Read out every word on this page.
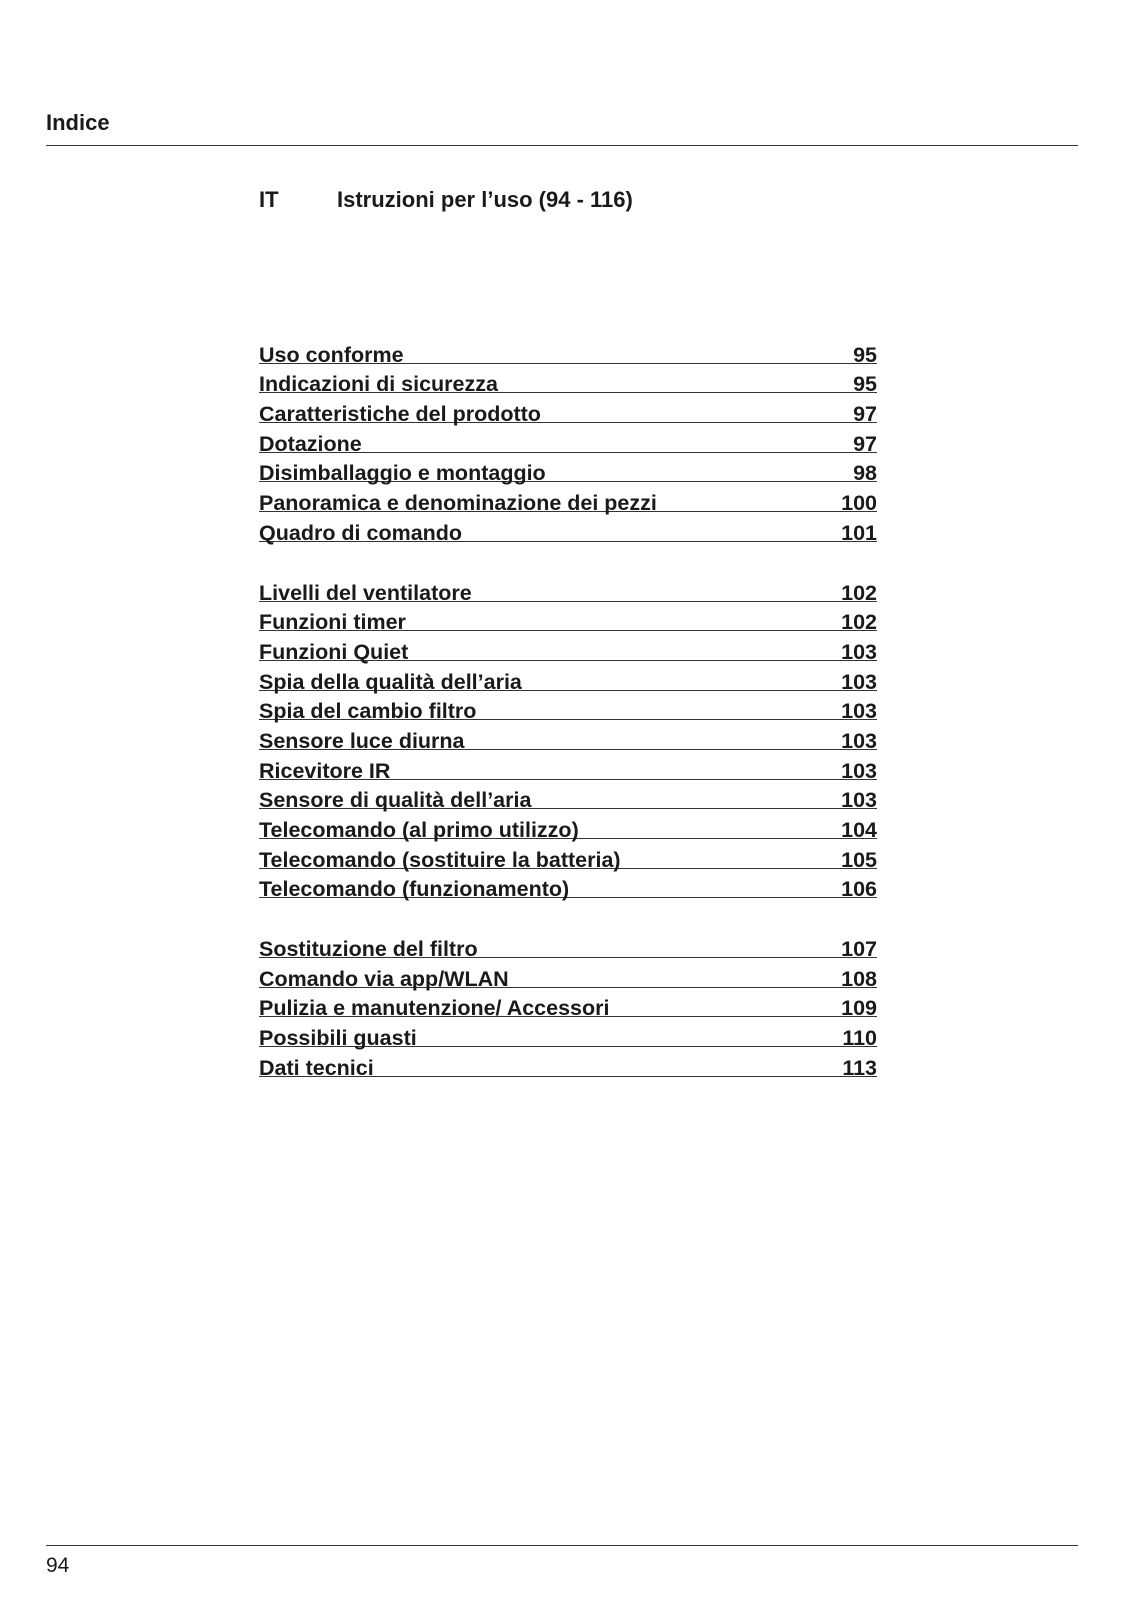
Indice
IT	Istruzioni per l’uso (94 - 116)
Uso conforme	95
Indicazioni di sicurezza	95
Caratteristiche del prodotto	97
Dotazione	97
Disimballaggio e montaggio	98
Panoramica e denominazione dei pezzi	100
Quadro di comando	101
Livelli del ventilatore	102
Funzioni timer	102
Funzioni Quiet	103
Spia della qualità dell’aria	103
Spia del cambio filtro	103
Sensore luce diurna	103
Ricevitore IR	103
Sensore di qualità dell’aria	103
Telecomando (al primo utilizzo)	104
Telecomando (sostituire la batteria)	105
Telecomando (funzionamento)	106
Sostituzione del filtro	107
Comando via app/WLAN	108
Pulizia e manutenzione/ Accessori	109
Possibili guasti	110
Dati tecnici	113
94
